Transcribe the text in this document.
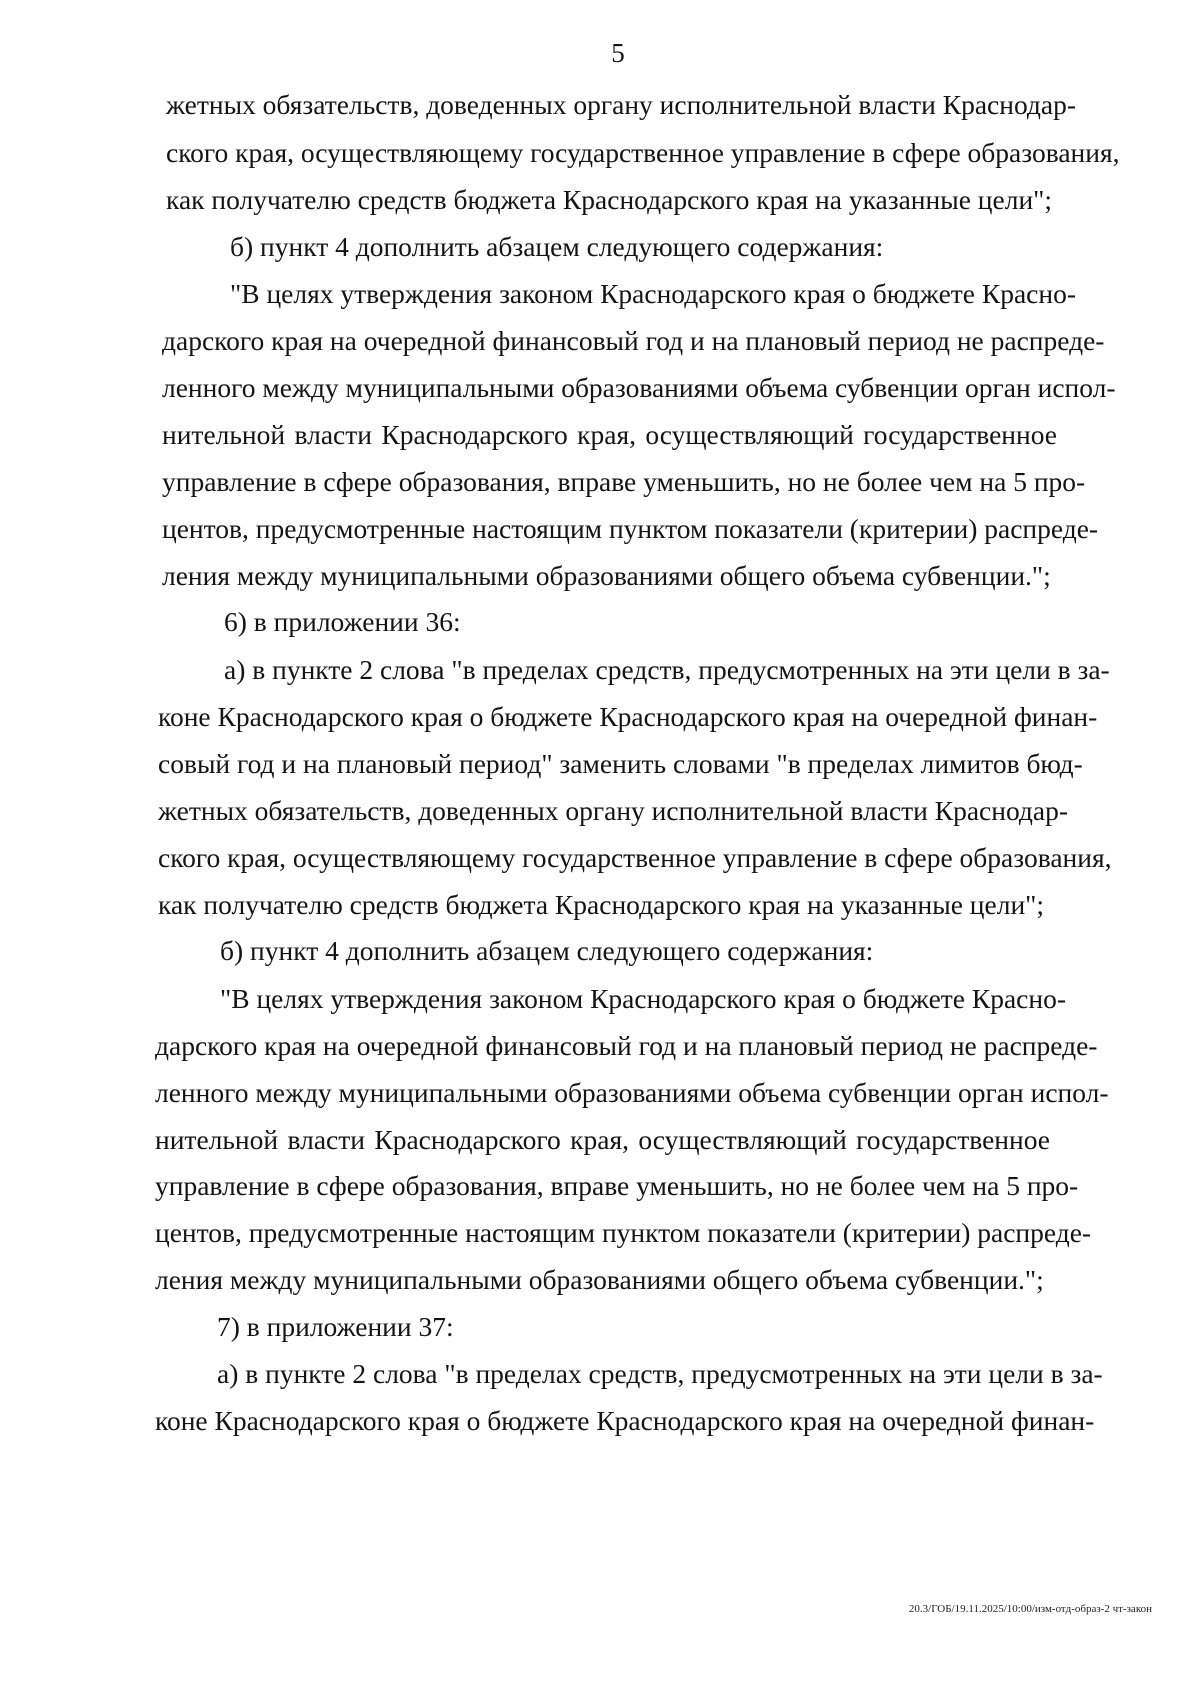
5
жетных обязательств, доведенных органу исполнительной власти Краснодар-
ского края, осуществляющему государственное управление в сфере образования,
как получателю средств бюджета Краснодарского края на указанные цели";
б) пункт 4 дополнить абзацем следующего содержания:
"В целях утверждения законом Краснодарского края о бюджете Красно-
дарского края на очередной финансовый год и на плановый период не распреде-
ленного между муниципальными образованиями объема субвенции орган испол-
нительной власти Краснодарского края, осуществляющий государственное
управление в сфере образования, вправе уменьшить, но не более чем на 5 про-
центов, предусмотренные настоящим пунктом показатели (критерии) распреде-
ления между муниципальными образованиями общего объема субвенции.";
6) в приложении 36:
а) в пункте 2 слова "в пределах средств, предусмотренных на эти цели в за-
коне Краснодарского края о бюджете Краснодарского края на очередной финан-
совый год и на плановый период" заменить словами "в пределах лимитов бюд-
жетных обязательств, доведенных органу исполнительной власти Краснодар-
ского края, осуществляющему государственное управление в сфере образования,
как получателю средств бюджета Краснодарского края на указанные цели";
б) пункт 4 дополнить абзацем следующего содержания:
"В целях утверждения законом Краснодарского края о бюджете Красно-
дарского края на очередной финансовый год и на плановый период не распреде-
ленного между муниципальными образованиями объема субвенции орган испол-
нительной власти Краснодарского края, осуществляющий государственное
управление в сфере образования, вправе уменьшить, но не более чем на 5 про-
центов, предусмотренные настоящим пунктом показатели (критерии) распреде-
ления между муниципальными образованиями общего объема субвенции.";
7) в приложении 37:
а) в пункте 2 слова "в пределах средств, предусмотренных на эти цели в за-
коне Краснодарского края о бюджете Краснодарского края на очередной финан-
20.3/ГОБ/19.11.2025/10:00/изм-отд-образ-2 чт-закон
